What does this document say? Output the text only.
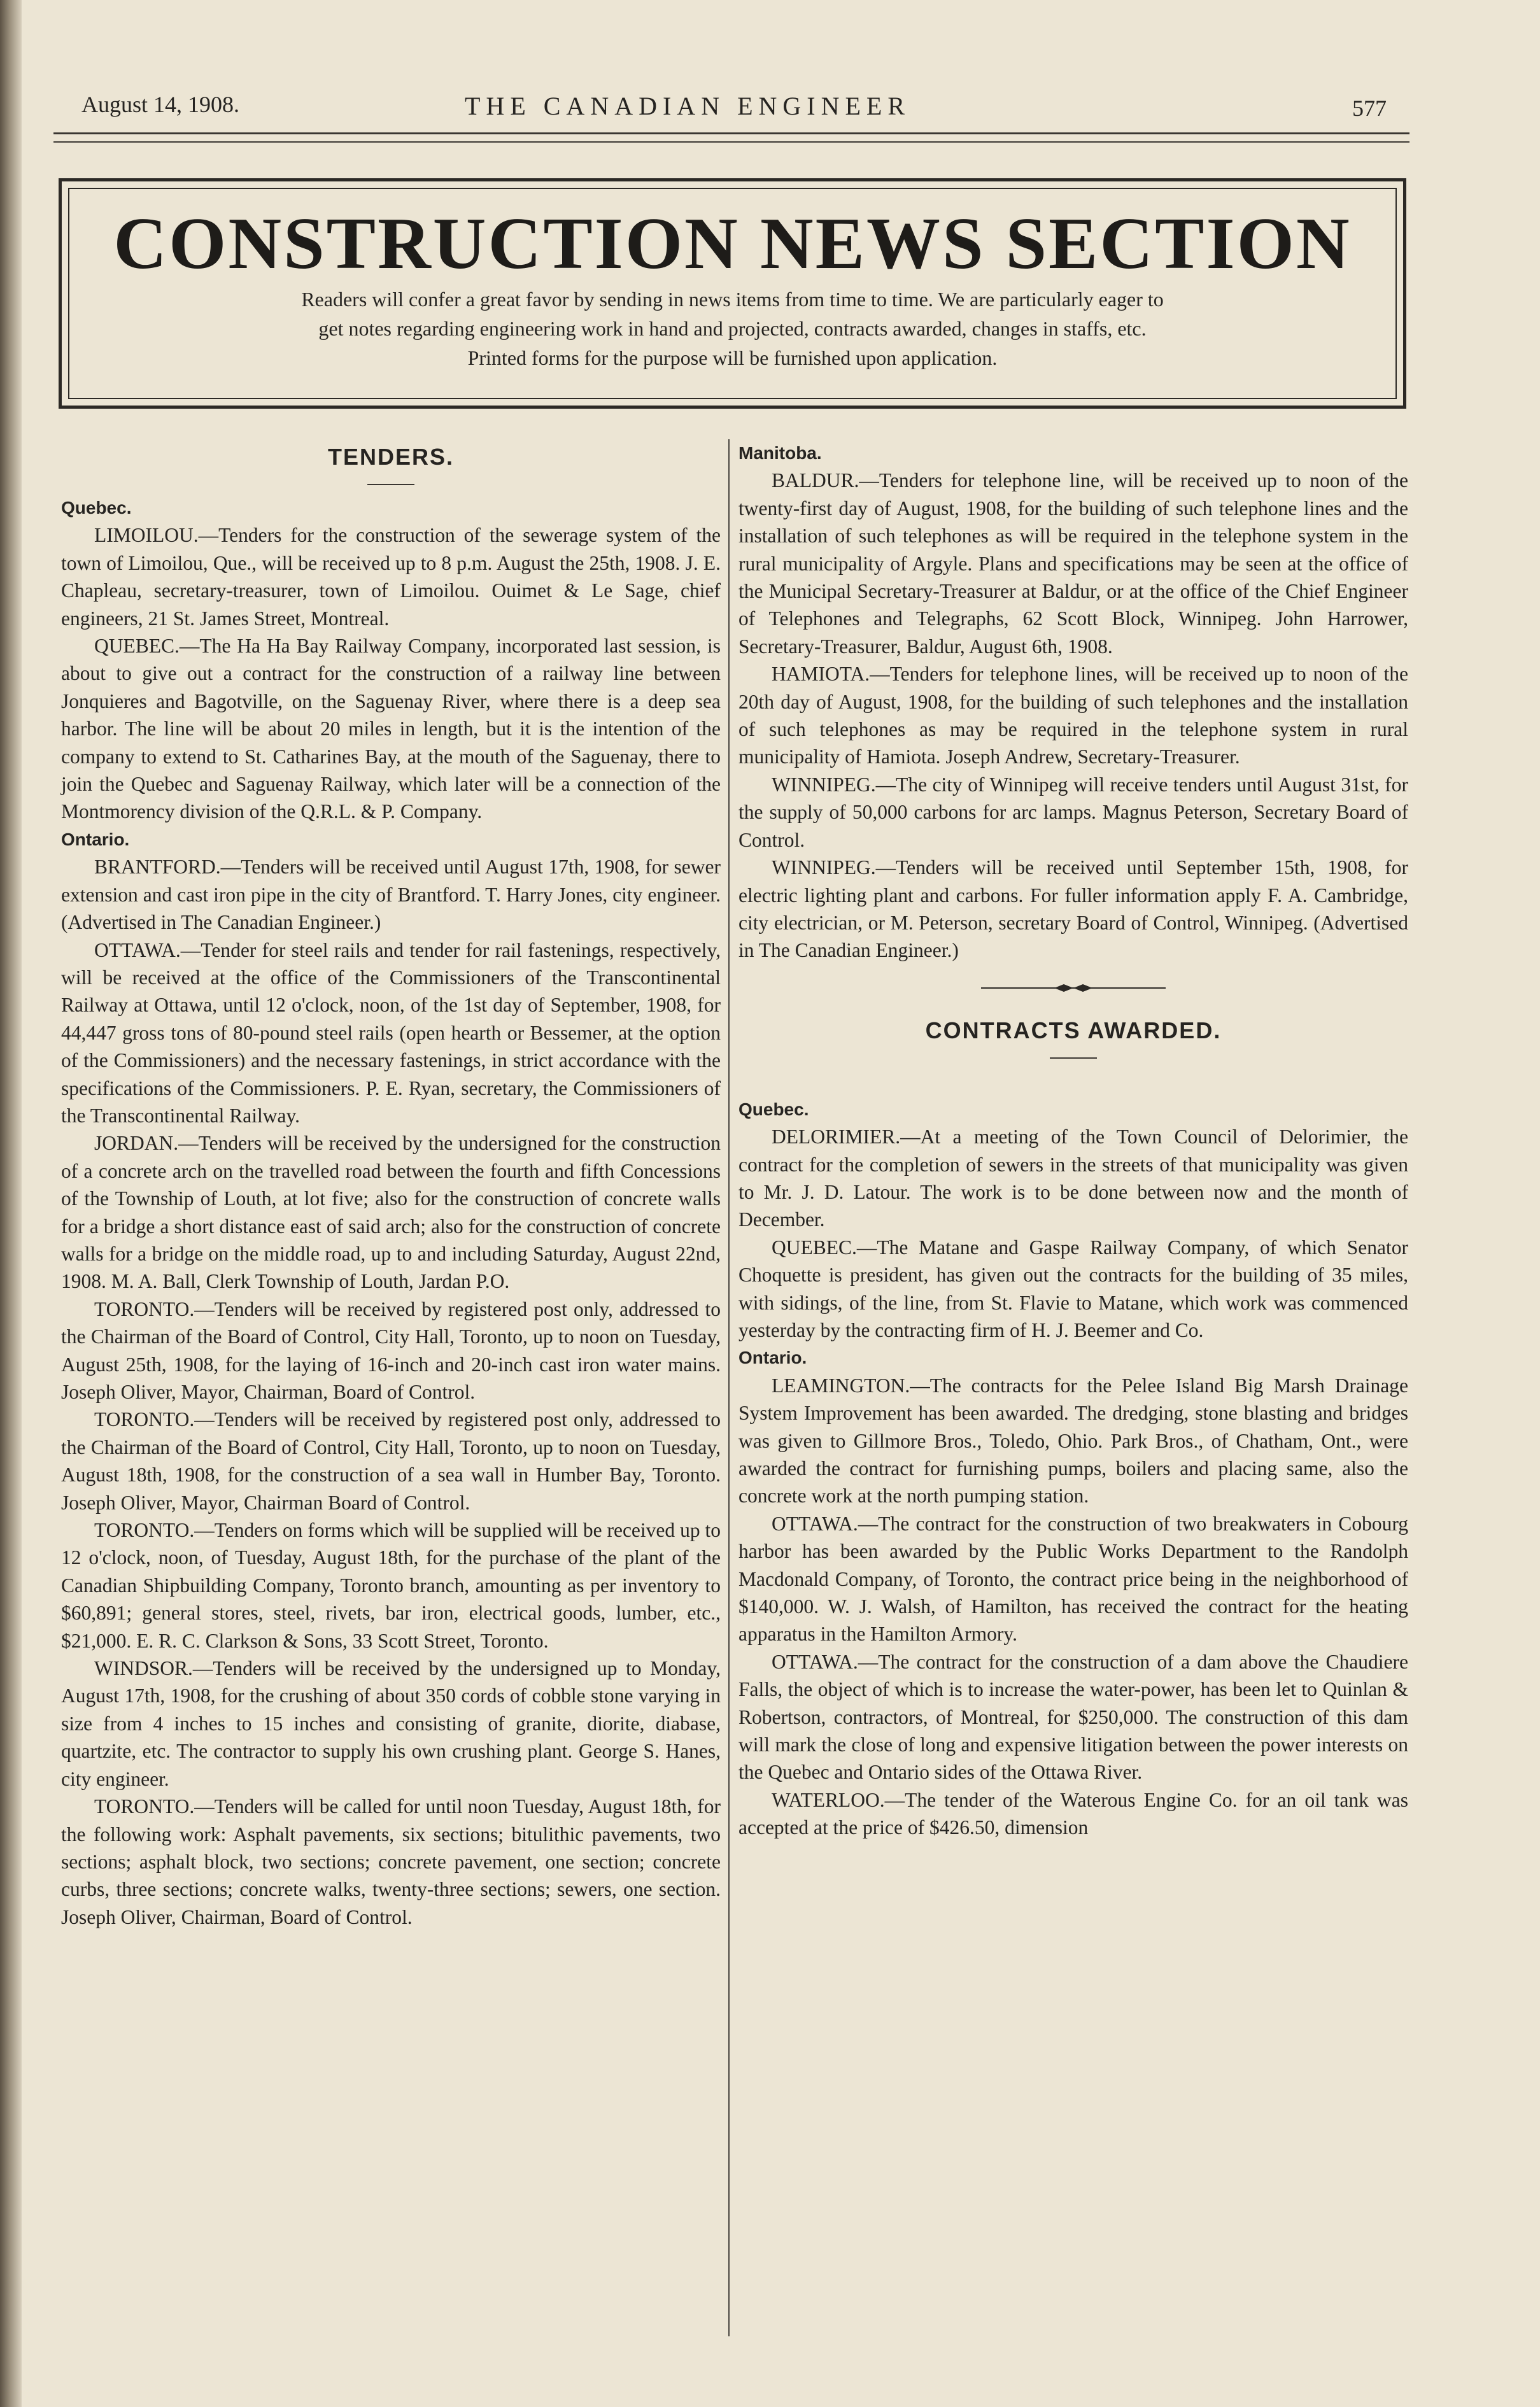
August 14, 1908.	THE CANADIAN ENGINEER	577
CONSTRUCTION NEWS SECTION
Readers will confer a great favor by sending in news items from time to time. We are particularly eager to
get notes regarding engineering work in hand and projected, contracts awarded, changes in staffs, etc.
Printed forms for the purpose will be furnished upon application.
TENDERS.
Quebec.

LIMOILOU.—Tenders for the construction of the sewerage system of the town of Limoilou, Que., will be received up to 8 p.m. August the 25th, 1908. J. E. Chapleau, secretary-treasurer, town of Limoilou. Ouimet & Le Sage, chief engineers, 21 St. James Street, Montreal.

QUEBEC.—The Ha Ha Bay Railway Company, incorporated last session, is about to give out a contract for the construction of a railway line between Jonquieres and Bagotville, on the Saguenay River, where there is a deep sea harbor. The line will be about 20 miles in length, but it is the intention of the company to extend to St. Catharines Bay, at the mouth of the Saguenay, there to join the Quebec and Saguenay Railway, which later will be a connection of the Montmorency division of the Q.R.L. & P. Company.

Ontario.

BRANTFORD.—Tenders will be received until August 17th, 1908, for sewer extension and cast iron pipe in the city of Brantford. T. Harry Jones, city engineer. (Advertised in The Canadian Engineer.)

OTTAWA.—Tender for steel rails and tender for rail fastenings, respectively, will be received at the office of the Commissioners of the Transcontinental Railway at Ottawa, until 12 o'clock, noon, of the 1st day of September, 1908, for 44,447 gross tons of 80-pound steel rails (open hearth or Bessemer, at the option of the Commissioners) and the necessary fastenings, in strict accordance with the specifications of the Commissioners. P. E. Ryan, secretary, the Commissioners of the Transcontinental Railway.

JORDAN.—Tenders will be received by the undersigned for the construction of a concrete arch on the travelled road between the fourth and fifth Concessions of the Township of Louth, at lot five; also for the construction of concrete walls for a bridge a short distance east of said arch; also for the construction of concrete walls for a bridge on the middle road, up to and including Saturday, August 22nd, 1908. M. A. Ball, Clerk Township of Louth, Jardan P.O.

TORONTO.—Tenders will be received by registered post only, addressed to the Chairman of the Board of Control, City Hall, Toronto, up to noon on Tuesday, August 25th, 1908, for the laying of 16-inch and 20-inch cast iron water mains. Joseph Oliver, Mayor, Chairman, Board of Control.

TORONTO.—Tenders will be received by registered post only, addressed to the Chairman of the Board of Control, City Hall, Toronto, up to noon on Tuesday, August 18th, 1908, for the construction of a sea wall in Humber Bay, Toronto. Joseph Oliver, Mayor, Chairman Board of Control.

TORONTO.—Tenders on forms which will be supplied will be received up to 12 o'clock, noon, of Tuesday, August 18th, for the purchase of the plant of the Canadian Shipbuilding Company, Toronto branch, amounting as per inventory to $60,891; general stores, steel, rivets, bar iron, electrical goods, lumber, etc., $21,000. E. R. C. Clarkson & Sons, 33 Scott Street, Toronto.

WINDSOR.—Tenders will be received by the undersigned up to Monday, August 17th, 1908, for the crushing of about 350 cords of cobble stone varying in size from 4 inches to 15 inches and consisting of granite, diorite, diabase, quartzite, etc. The contractor to supply his own crushing plant. George S. Hanes, city engineer.

TORONTO.—Tenders will be called for until noon Tuesday, August 18th, for the following work: Asphalt pavements, six sections; bitulithic pavements, two sections; asphalt block, two sections; concrete pavement, one section; concrete curbs, three sections; concrete walks, twenty-three sections; sewers, one section. Joseph Oliver, Chairman, Board of Control.

Manitoba.

BALDUR.—Tenders for telephone line, will be received up to noon of the twenty-first day of August, 1908, for the building of such telephone lines and the installation of such telephones as will be required in the telephone system in the rural municipality of Argyle. Plans and specifications may be seen at the office of the Municipal Secretary-Treasurer at Baldur, or at the office of the Chief Engineer of Telephones and Telegraphs, 62 Scott Block, Winnipeg. John Harrower, Secretary-Treasurer, Baldur, August 6th, 1908.

HAMIOTA.—Tenders for telephone lines, will be received up to noon of the 20th day of August, 1908, for the building of such telephones and the installation of such telephones as may be required in the telephone system in rural municipality of Hamiota. Joseph Andrew, Secretary-Treasurer.

WINNIPEG.—The city of Winnipeg will receive tenders until August 31st, for the supply of 50,000 carbons for arc lamps. Magnus Peterson, Secretary Board of Control.

WINNIPEG.—Tenders will be received until September 15th, 1908, for electric lighting plant and carbons. For fuller information apply F. A. Cambridge, city electrician, or M. Peterson, secretary Board of Control, Winnipeg. (Advertised in The Canadian Engineer.)

CONTRACTS AWARDED.
Quebec.

DELORIMIER.—At a meeting of the Town Council of Delorimier, the contract for the completion of sewers in the streets of that municipality was given to Mr. J. D. Latour. The work is to be done between now and the month of December.

QUEBEC.—The Matane and Gaspe Railway Company, of which Senator Choquette is president, has given out the contracts for the building of 35 miles, with sidings, of the line, from St. Flavie to Matane, which work was commenced yesterday by the contracting firm of H. J. Beemer and Co.

Ontario.

LEAMINGTON.—The contracts for the Pelee Island Big Marsh Drainage System Improvement has been awarded. The dredging, stone blasting and bridges was given to Gillmore Bros., Toledo, Ohio. Park Bros., of Chatham, Ont., were awarded the contract for furnishing pumps, boilers and placing same, also the concrete work at the north pumping station.

OTTAWA.—The contract for the construction of two breakwaters in Cobourg harbor has been awarded by the Public Works Department to the Randolph Macdonald Company, of Toronto, the contract price being in the neighborhood of $140,000. W. J. Walsh, of Hamilton, has received the contract for the heating apparatus in the Hamilton Armory.

OTTAWA.—The contract for the construction of a dam above the Chaudiere Falls, the object of which is to increase the water-power, has been let to Quinlan & Robertson, contractors, of Montreal, for $250,000. The construction of this dam will mark the close of long and expensive litigation between the power interests on the Quebec and Ontario sides of the Ottawa River.

WATERLOO.—The tender of the Waterous Engine Co. for an oil tank was accepted at the price of $426.50, dimension
